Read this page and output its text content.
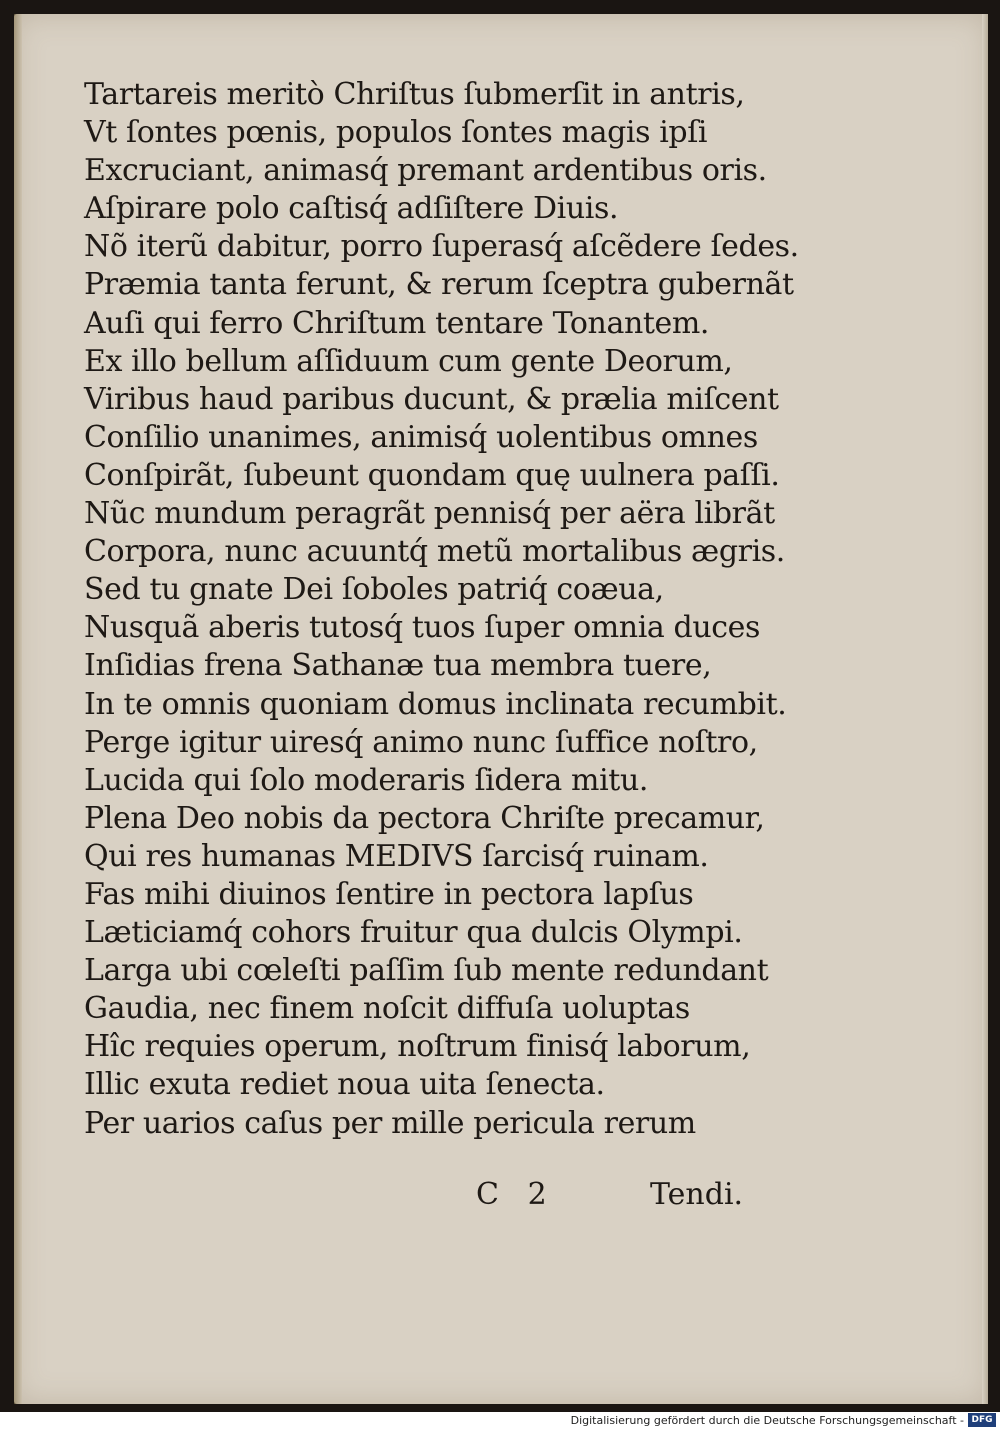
Tartareis meritò Chriſtus ſubmerſit in antris,
Vt ſontes pœnis, populos ſontes magis ipſi
Excruciant, animasq́ premant ardentibus oris.
Aſpirare polo caſtisq́ adſiſtere Diuis.
Nõ iterũ dabitur, porro ſuperasq́ aſcẽdere ſedes.
Præmia tanta ferunt, & rerum ſceptra gubernãt
Auſi qui ferro Chriſtum tentare Tonantem.
Ex illo bellum aſſiduum cum gente Deorum,
Viribus haud paribus ducunt, & prælia miſcent
Conſilio unanimes, animisq́ uolentibus omnes
Conſpirãt, ſubeunt quondam quę uulnera paſſi.
Nũc mundum peragrãt pennisq́ per aëra librãt
Corpora, nunc acuuntq́ metũ mortalibus ægris.
Sed tu gnate Dei ſoboles patriq́ coæua,
Nusquã aberis tutosq́ tuos ſuper omnia duces
Inſidias frena Sathanæ tua membra tuere,
In te omnis quoniam domus inclinata recumbit.
Perge igitur uiresq́ animo nunc ſuffice noſtro,
Lucida qui ſolo moderaris ſidera mitu.
Plena Deo nobis da pectora Chriſte precamur,
Qui res humanas MEDIVS ſarcisq́ ruinam.
Fas mihi diuinos ſentire in pectora lapſus
Læticiamq́ cohors fruitur qua dulcis Olympi.
Larga ubi cœleſti paſſim ſub mente redundant
Gaudia, nec finem noſcit diffuſa uoluptas
Hîc requies operum, noſtrum finisq́ laborum,
Illic exuta rediet noua uita ſenecta.
Per uarios caſus per mille pericula rerum
C   2	Tendi.
Digitalisierung gefördert durch die Deutsche Forschungsgemeinschaft - DFG
